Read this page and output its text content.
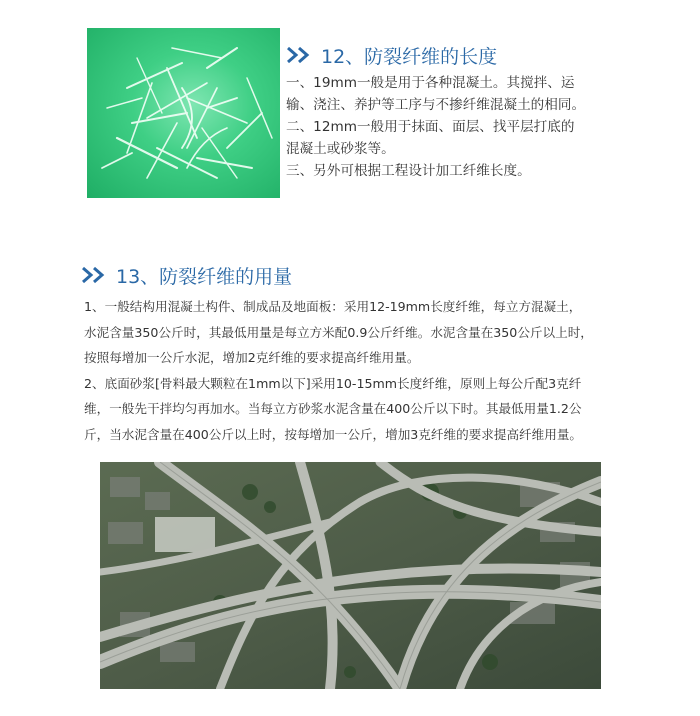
12、防裂纤维的长度

一、19mm一般是用于各种混凝土。其搅拌、运

输、浇注、养护等工序与不掺纤维混凝土的相同。

二、12mm一般用于抹面、面层、找平层打底的

混凝土或砂浆等。

三、另外可根据工程设计加工纤维长度。

13、防裂纤维的用量

1、一般结构用混凝土构件、制成品及地面板：采用12-19mm长度纤维，每立方混凝土，

水泥含量350公斤时，其最低用量是每立方米配0.9公斤纤维。水泥含量在350公斤以上时，

按照每增加一公斤水泥，增加2克纤维的要求提高纤维用量。

2、底面砂浆[骨料最大颗粒在1mm以下]采用10-15mm长度纤维，原则上每公斤配3克纤

维，一般先干拌均匀再加水。当每立方砂浆水泥含量在400公斤以下时。其最低用量1.2公

斤，当水泥含量在400公斤以上时，按每增加一公斤，增加3克纤维的要求提高纤维用量。
